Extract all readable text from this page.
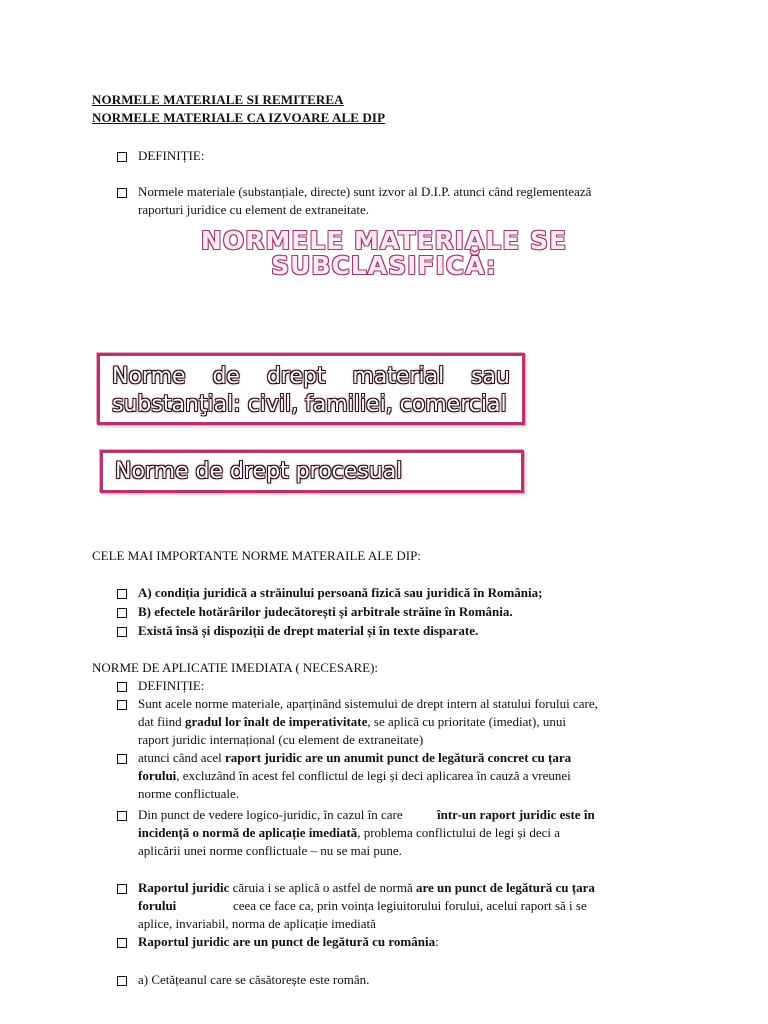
NORMELE MATERIALE SI REMITEREA
NORMELE MATERIALE CA IZVOARE ALE DIP
DEFINIȚIE:
Normele materiale (substanțiale, directe) sunt izvor al D.I.P. atunci când reglementează
raporturi juridice cu element de extraneitate.
NORMELE MATERIALE SE
SUBCLASIFICĂ:
Norme de drept material sau
substanţial: civil, familiei, comercial
Norme de drept procesual
CELE MAI IMPORTANTE NORME MATERAILE ALE DIP:
A) condiția juridică a străinului persoană fizică sau juridică în România;
B) efectele hotărârilor judecătorești și arbitrale străine în România.
Există însă și dispoziții de drept material și în texte disparate.
NORME DE APLICATIE IMEDIATA ( NECESARE):
DEFINIȚIE:
Sunt acele norme materiale, aparținând sistemului de drept intern al statului forului care,
dat fiind gradul lor înalt de imperativitate, se aplică cu prioritate (imediat), unui
raport juridic internațional (cu element de extraneitate)
atunci când acel raport juridic are un anumit punct de legătură concret cu țara
forului, excluzând în acest fel conflictul de legi și deci aplicarea în cauză a vreunei
norme conflictuale.
Din punct de vedere logico-juridic, în cazul în care	într-un raport juridic este în
incidență o normă de aplicație imediată, problema conflictului de legi și deci a
aplicării unei norme conflictuale – nu se mai pune.
Raportul juridic căruia i se aplică o astfel de normă are un punct de legătură cu țara
forului	ceea ce face ca, prin voința legiuitorului forului, acelui raport să i se
aplice, invariabil, norma de aplicație imediată
Raportul juridic are un punct de legătură cu românia:
a) Cetățeanul care se căsătorește este român.
